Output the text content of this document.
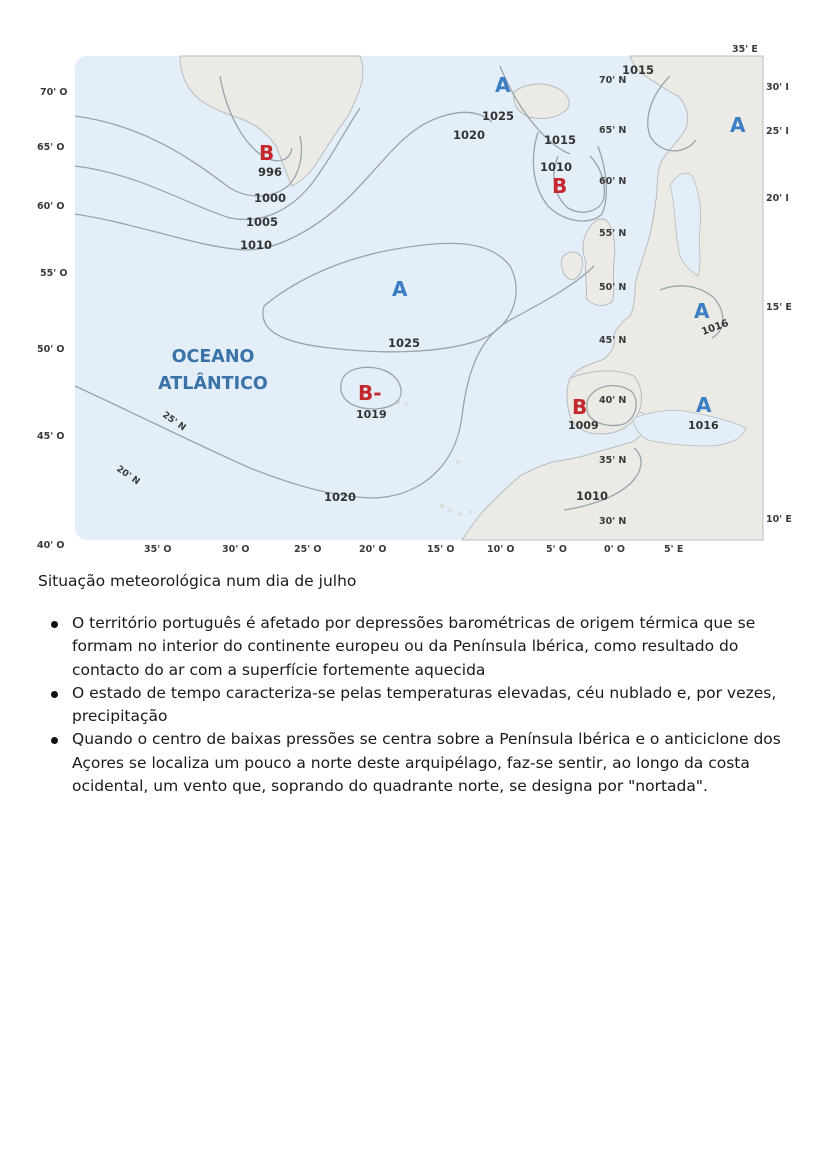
70' O
65' O
60' O
55' O
50' O
45' O
40' O	35' O	30' O	25' O	20' O	15' O	10' O	5' O	0' O	5' E
35' E
30' I
25' I
20' I
15' E
10' E
70' N
65' N
60' N
55' N
50' N
45' N
40' N
35' N
30' N
25' N
20' N
996
1000
1005
1010
1020
1025
1015
1010
1025
1020	1010
1015
OCEANO
ATLÂNTICO
B
A
B
A
B-
1019	B
1009
A
1016
A
1016
A

Situação meteorológica num dia de julho

O território português é afetado por depressões barométricas de origem térmica que se formam no interior do continente europeu ou da Península lbérica, como resultado do contacto do ar com a superfície fortemente aquecida
O estado de tempo caracteriza-se pelas temperaturas elevadas, céu nublado e, por vezes, precipitação
Quando o centro de baixas pressões se centra sobre a Península lbérica e o anticiclone dos Açores se localiza um pouco a norte deste arquipélago, faz-se sentir, ao longo da costa ocidental, um vento que, soprando do quadrante norte, se designa por "nortada".
